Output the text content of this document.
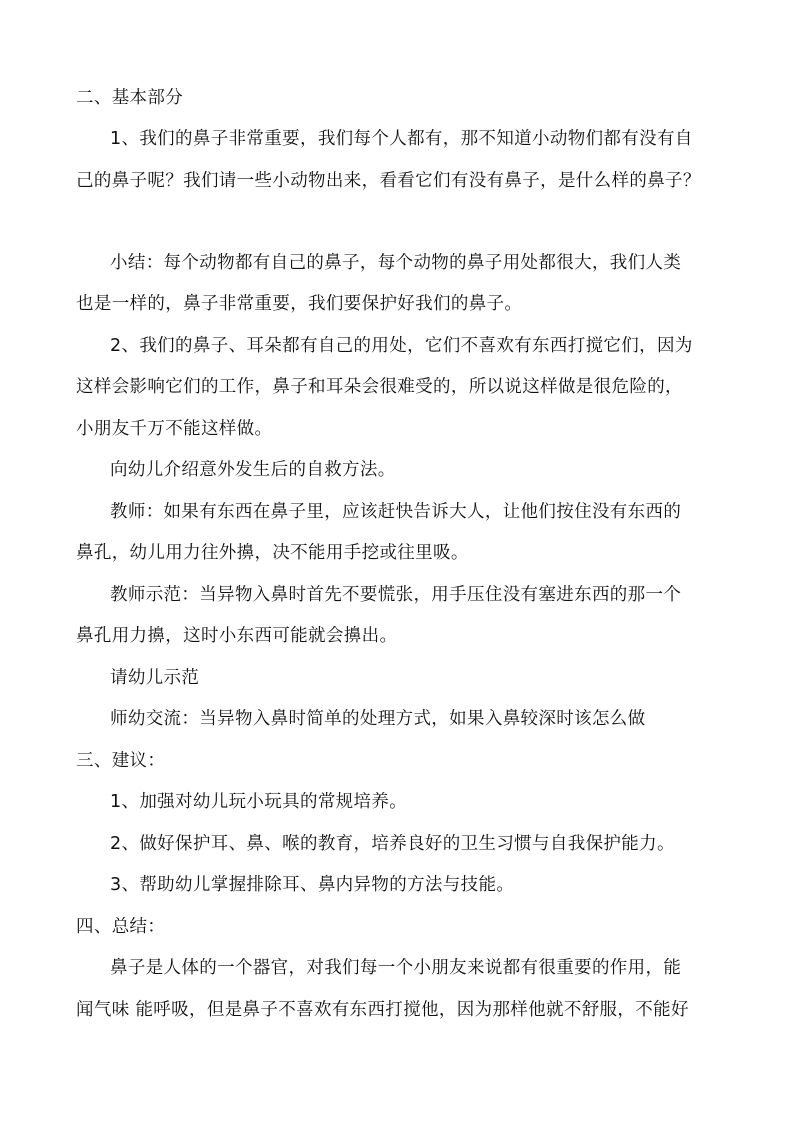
二、基本部分
1、我们的鼻子非常重要，我们每个人都有，那不知道小动物们都有没有自
己的鼻子呢？我们请一些小动物出来，看看它们有没有鼻子，是什么样的鼻子？
小结：每个动物都有自己的鼻子，每个动物的鼻子用处都很大，我们人类
也是一样的，鼻子非常重要，我们要保护好我们的鼻子。
2、我们的鼻子、耳朵都有自己的用处，它们不喜欢有东西打搅它们，因为
这样会影响它们的工作，鼻子和耳朵会很难受的，所以说这样做是很危险的，
小朋友千万不能这样做。
向幼儿介绍意外发生后的自救方法。
教师：如果有东西在鼻子里，应该赶快告诉大人，让他们按住没有东西的
鼻孔，幼儿用力往外擤，决不能用手挖或往里吸。
教师示范：当异物入鼻时首先不要慌张，用手压住没有塞进东西的那一个
鼻孔用力擤，这时小东西可能就会擤出。
请幼儿示范
师幼交流：当异物入鼻时简单的处理方式，如果入鼻较深时该怎么做
三、建议：
1、加强对幼儿玩小玩具的常规培养。
2、做好保护耳、鼻、喉的教育，培养良好的卫生习惯与自我保护能力。
3、帮助幼儿掌握排除耳、鼻内异物的方法与技能。
四、总结：
鼻子是人体的一个器官，对我们每一个小朋友来说都有很重要的作用，能
闻气味 能呼吸，但是鼻子不喜欢有东西打搅他，因为那样他就不舒服，不能好
